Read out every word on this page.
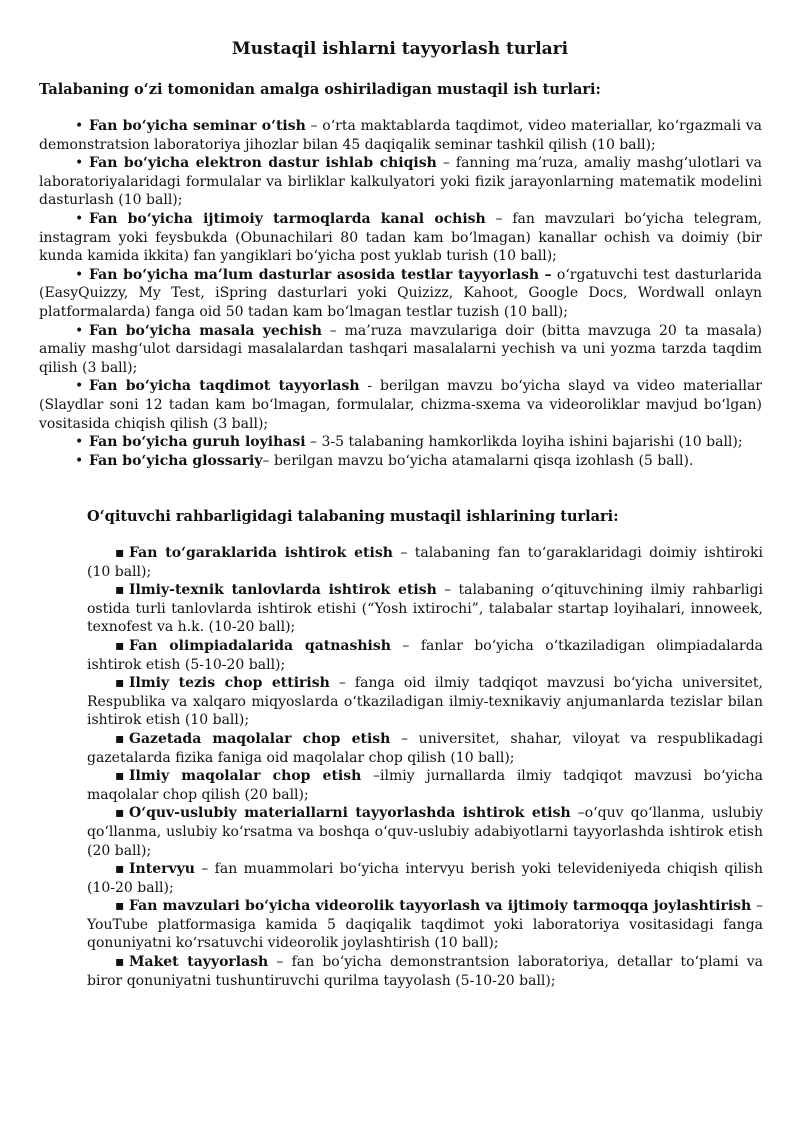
Mustaqil ishlarni tayyorlash turlari
Talabaning o‘zi tomonidan amalga oshiriladigan mustaqil ish turlari:

• Fan bo‘yicha seminar o‘tish – o‘rta maktablarda taqdimot, video materiallar, ko‘rgazmali va demonstratsion laboratoriya jihozlar bilan 45 daqiqalik seminar tashkil qilish (10 ball);

• Fan bo‘yicha elektron dastur ishlab chiqish – fanning ma’ruza, amaliy mashg‘ulotlari va laboratoriyalaridagi formulalar va birliklar kalkulyatori yoki fizik jarayonlarning matematik modelini dasturlash (10 ball);

• Fan bo‘yicha ijtimoiy tarmoqlarda kanal ochish – fan mavzulari bo‘yicha telegram, instagram yoki feysbukda (Obunachilari 80 tadan kam bo‘lmagan) kanallar ochish va doimiy (bir kunda kamida ikkita) fan yangiklari bo‘yicha post yuklab turish (10 ball);

• Fan bo‘yicha ma’lum dasturlar asosida testlar tayyorlash – o‘rgatuvchi test dasturlarida (EasyQuizzy, My Test, iSpring dasturlari yoki Quizizz, Kahoot, Google Docs, Wordwall onlayn platformalarda) fanga oid 50 tadan kam bo‘lmagan testlar tuzish (10 ball);

• Fan bo‘yicha masala yechish – ma’ruza mavzulariga doir (bitta mavzuga 20 ta masala) amaliy mashg‘ulot darsidagi masalalardan tashqari masalalarni yechish va uni yozma tarzda taqdim qilish (3 ball);

• Fan bo‘yicha taqdimot tayyorlash - berilgan mavzu bo‘yicha slayd va video materiallar (Slaydlar soni 12 tadan kam bo‘lmagan, formulalar, chizma-sxema va videoroliklar mavjud bo‘lgan) vositasida chiqish qilish (3 ball);

• Fan bo‘yicha guruh loyihasi – 3-5 talabaning hamkorlikda loyiha ishini bajarishi (10 ball);

• Fan bo‘yicha glossariy– berilgan mavzu bo‘yicha atamalarni qisqa izohlash (5 ball).

O‘qituvchi rahbarligidagi talabaning mustaqil ishlarining turlari:

▪ Fan to‘garaklarida ishtirok etish – talabaning fan to‘garaklaridagi doimiy ishtiroki (10 ball);

▪ Ilmiy-texnik tanlovlarda ishtirok etish – talabaning o‘qituvchining ilmiy rahbarligi ostida turli tanlovlarda ishtirok etishi (“Yosh ixtirochi”, talabalar startap loyihalari, innoweek, texnofest va h.k. (10-20 ball);

▪ Fan olimpiadalarida qatnashish – fanlar bo‘yicha o‘tkaziladigan olimpiadalarda ishtirok etish (5-10-20 ball);

▪ Ilmiy tezis chop ettirish – fanga oid ilmiy tadqiqot mavzusi bo‘yicha universitet, Respublika va xalqaro miqyoslarda o‘tkaziladigan ilmiy-texnikaviy anjumanlarda tezislar bilan ishtirok etish (10 ball);

▪ Gazetada maqolalar chop etish – universitet, shahar, viloyat va respublikadagi gazetalarda fizika faniga oid maqolalar chop qilish (10 ball);

▪ Ilmiy maqolalar chop etish –ilmiy jurnallarda ilmiy tadqiqot mavzusi bo‘yicha maqolalar chop qilish (20 ball);

▪ O‘quv-uslubiy materiallarni tayyorlashda ishtirok etish –o‘quv qo‘llanma, uslubiy qo‘llanma, uslubiy ko‘rsatma va boshqa o‘quv-uslubiy adabiyotlarni tayyorlashda ishtirok etish (20 ball);

▪ Intervyu – fan muammolari bo‘yicha intervyu berish yoki televideniyeda chiqish qilish (10-20 ball);

▪ Fan mavzulari bo‘yicha videorolik tayyorlash va ijtimoiy tarmoqqa joylashtirish – YouTube platformasiga kamida 5 daqiqalik taqdimot yoki laboratoriya vositasidagi fanga qonuniyatni ko‘rsatuvchi videorolik joylashtirish (10 ball);

▪ Maket tayyorlash – fan bo‘yicha demonstrantsion laboratoriya, detallar to‘plami va biror qonuniyatni tushuntiruvchi qurilma tayyolash (5-10-20 ball);
